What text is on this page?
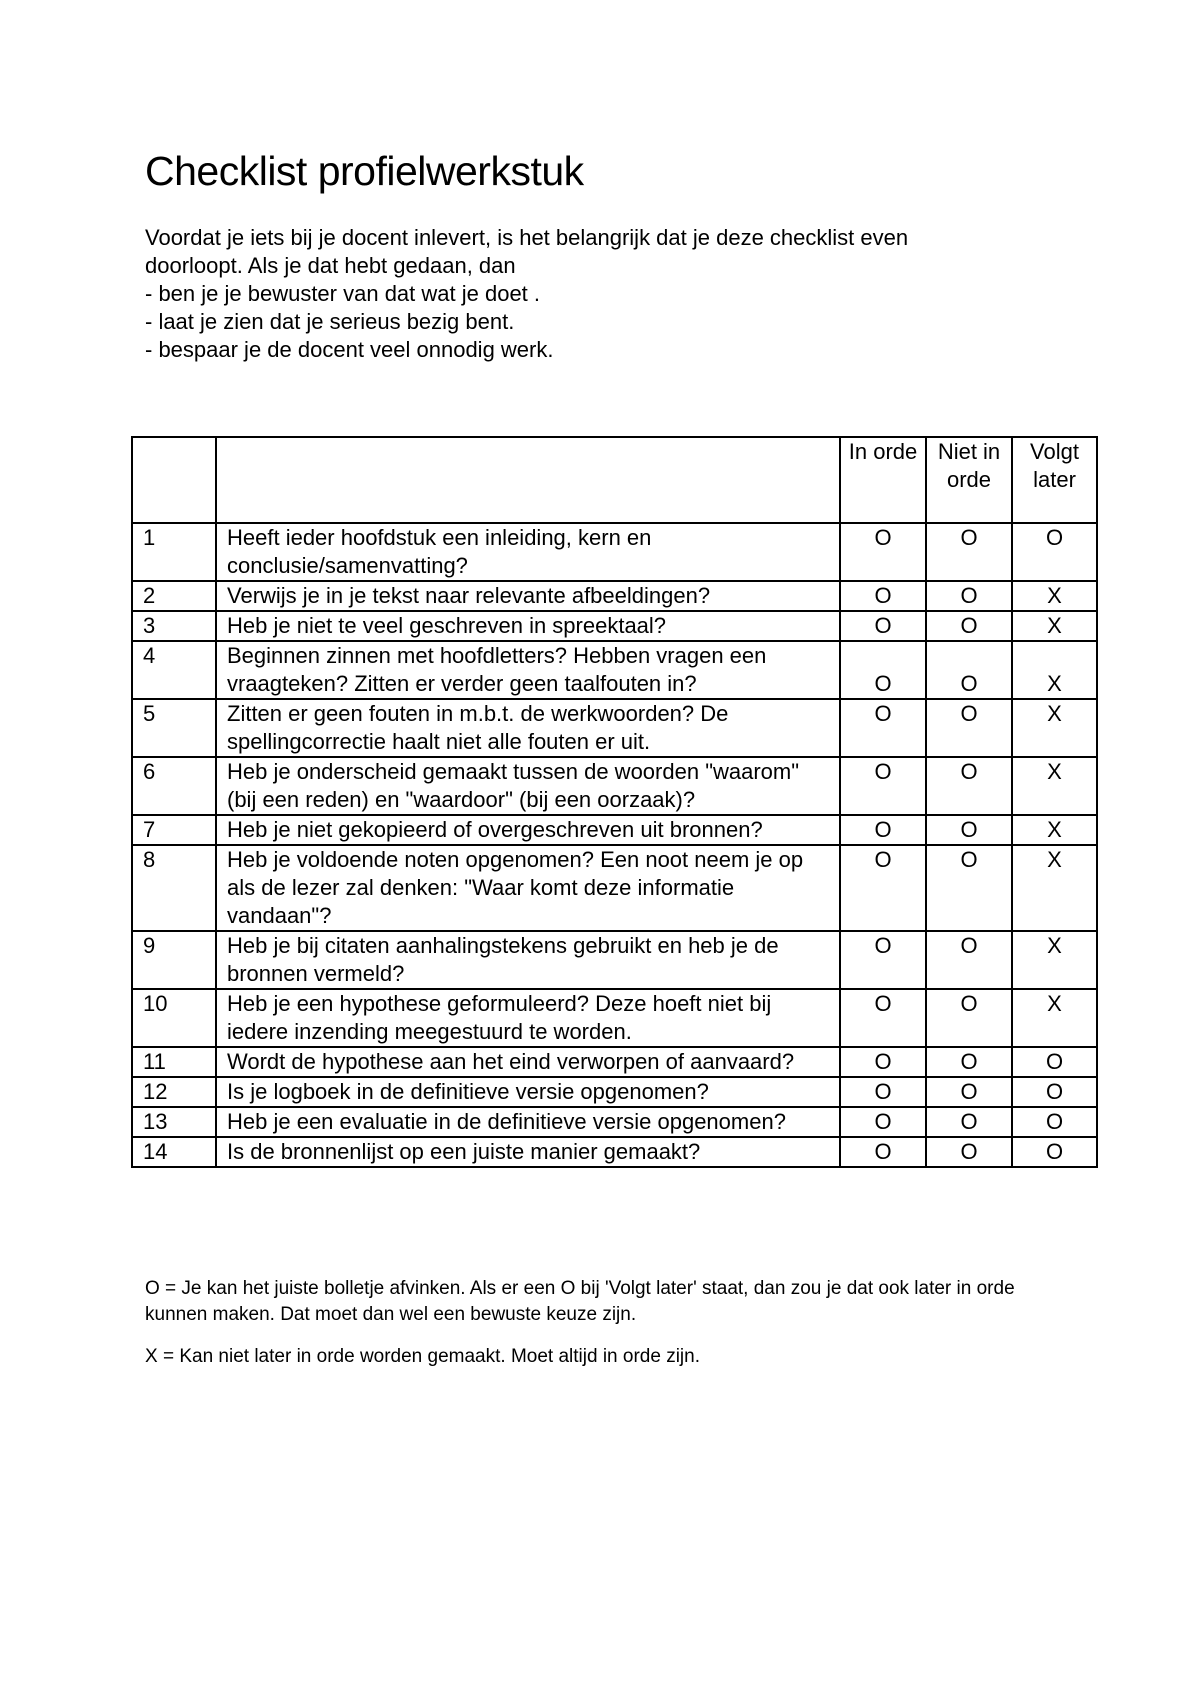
Checklist profielwerkstuk
Voordat je iets bij je docent inlevert, is het belangrijk dat je deze checklist even
doorloopt. Als je dat hebt gedaan, dan
- ben je je bewuster van dat wat je doet .
- laat je zien dat je serieus bezig bent.
- bespaar je de docent veel onnodig werk.
		In orde	Niet in orde	Volgt later
1	Heeft ieder hoofdstuk een inleiding, kern en conclusie/samenvatting?	O	O	O
2	Verwijs je in je tekst naar relevante afbeeldingen?	O	O	X
3	Heb je niet te veel geschreven in spreektaal?	O	O	X
4	Beginnen zinnen met hoofdletters? Hebben vragen een vraagteken? Zitten er verder geen taalfouten in?	O	O	X
5	Zitten er geen fouten in m.b.t. de werkwoorden? De spellingcorrectie haalt niet alle fouten er uit.	O	O	X
6	Heb je onderscheid gemaakt tussen de woorden "waarom" (bij een reden) en "waardoor" (bij een oorzaak)?	O	O	X
7	Heb je niet gekopieerd of overgeschreven uit bronnen?	O	O	X
8	Heb je voldoende noten opgenomen? Een noot neem je op als de lezer zal denken: "Waar komt deze informatie vandaan"?	O	O	X
9	Heb je bij citaten aanhalingstekens gebruikt en heb je de bronnen vermeld?	O	O	X
10	Heb je een hypothese geformuleerd? Deze hoeft niet bij iedere inzending meegestuurd te worden.	O	O	X
11	Wordt de hypothese aan het eind verworpen of aanvaard?	O	O	O
12	Is je logboek in de definitieve versie opgenomen?	O	O	O
13	Heb je een evaluatie in de definitieve versie opgenomen?	O	O	O
14	Is de bronnenlijst op een juiste manier gemaakt?	O	O	O

O = Je kan het juiste bolletje afvinken. Als er een O bij 'Volgt later' staat, dan zou je dat ook later in orde kunnen maken. Dat moet dan wel een bewuste keuze zijn.

X = Kan niet later in orde worden gemaakt. Moet altijd in orde zijn.
